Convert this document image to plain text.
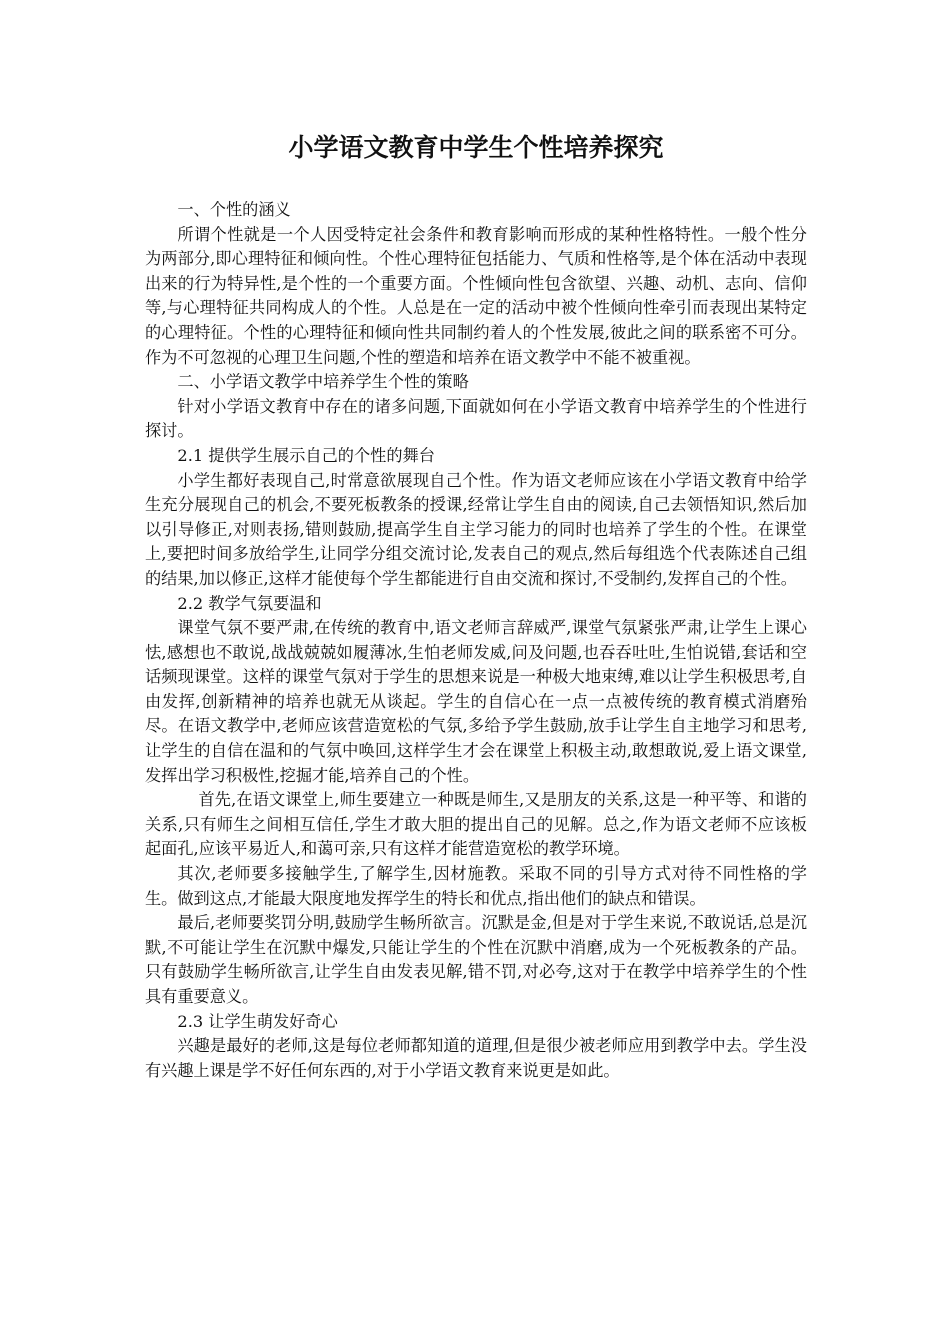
小学语文教育中学生个性培养探究

一、个性的涵义

所谓个性就是一个人因受特定社会条件和教育影响而形成的某种性格特性。一般个性分为两部分,即心理特征和倾向性。个性心理特征包括能力、气质和性格等,是个体在活动中表现出来的行为特异性,是个性的一个重要方面。个性倾向性包含欲望、兴趣、动机、志向、信仰等,与心理特征共同构成人的个性。人总是在一定的活动中被个性倾向性牵引而表现出某特定的心理特征。个性的心理特征和倾向性共同制约着人的个性发展,彼此之间的联系密不可分。作为不可忽视的心理卫生问题,个性的塑造和培养在语文教学中不能不被重视。

二、小学语文教学中培养学生个性的策略

针对小学语文教育中存在的诸多问题,下面就如何在小学语文教育中培养学生的个性进行探讨。

2.1 提供学生展示自己的个性的舞台

小学生都好表现自己,时常意欲展现自己个性。作为语文老师应该在小学语文教育中给学生充分展现自己的机会,不要死板教条的授课,经常让学生自由的阅读,自己去领悟知识,然后加以引导修正,对则表扬,错则鼓励,提高学生自主学习能力的同时也培养了学生的个性。在课堂上,要把时间多放给学生,让同学分组交流讨论,发表自己的观点,然后每组选个代表陈述自己组的结果,加以修正,这样才能使每个学生都能进行自由交流和探讨,不受制约,发挥自己的个性。

2.2 教学气氛要温和

课堂气氛不要严肃,在传统的教育中,语文老师言辞威严,课堂气氛紧张严肃,让学生上课心怯,感想也不敢说,战战兢兢如履薄冰,生怕老师发威,问及问题,也吞吞吐吐,生怕说错,套话和空话频现课堂。这样的课堂气氛对于学生的思想来说是一种极大地束缚,难以让学生积极思考,自由发挥,创新精神的培养也就无从谈起。学生的自信心在一点一点被传统的教育模式消磨殆尽。在语文教学中,老师应该营造宽松的气氛,多给予学生鼓励,放手让学生自主地学习和思考,让学生的自信在温和的气氛中唤回,这样学生才会在课堂上积极主动,敢想敢说,爱上语文课堂,发挥出学习积极性,挖掘才能,培养自己的个性。

首先,在语文课堂上,师生要建立一种既是师生,又是朋友的关系,这是一种平等、和谐的关系,只有师生之间相互信任,学生才敢大胆的提出自己的见解。总之,作为语文老师不应该板起面孔,应该平易近人,和蔼可亲,只有这样才能营造宽松的教学环境。

其次,老师要多接触学生,了解学生,因材施教。采取不同的引导方式对待不同性格的学生。做到这点,才能最大限度地发挥学生的特长和优点,指出他们的缺点和错误。

最后,老师要奖罚分明,鼓励学生畅所欲言。沉默是金,但是对于学生来说,不敢说话,总是沉默,不可能让学生在沉默中爆发,只能让学生的个性在沉默中消磨,成为一个死板教条的产品。只有鼓励学生畅所欲言,让学生自由发表见解,错不罚,对必夸,这对于在教学中培养学生的个性具有重要意义。

2.3 让学生萌发好奇心

兴趣是最好的老师,这是每位老师都知道的道理,但是很少被老师应用到教学中去。学生没有兴趣上课是学不好任何东西的,对于小学语文教育来说更是如此。
